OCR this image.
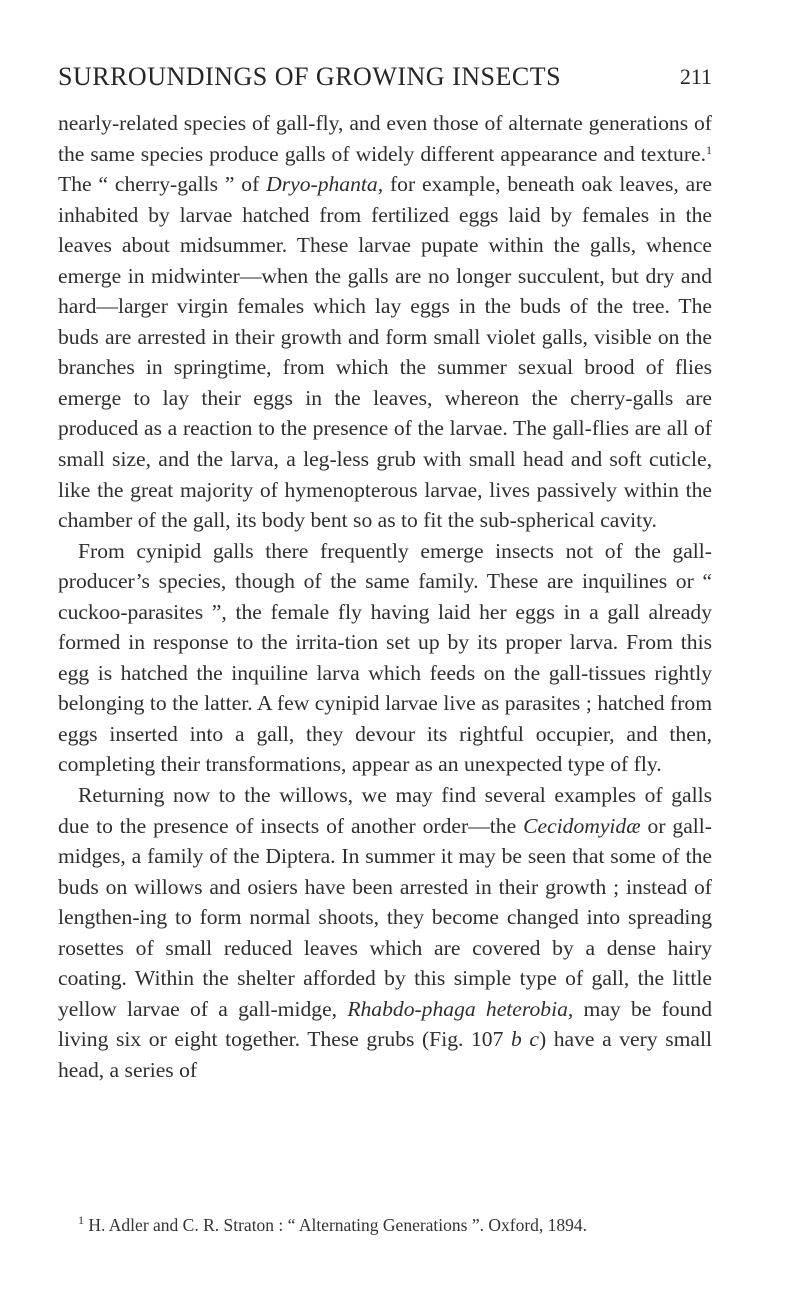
SURROUNDINGS OF GROWING INSECTS	211

nearly-related species of gall-fly, and even those of alternate generations of the same species produce galls of widely different appearance and texture.$^1$ The “ cherry-galls ” of Dryo-phanta, for example, beneath oak leaves, are inhabited by larvae hatched from fertilized eggs laid by females in the leaves about midsummer. These larvae pupate within the galls, whence emerge in midwinter—when the galls are no longer succulent, but dry and hard—larger virgin females which lay eggs in the buds of the tree. The buds are arrested in their growth and form small violet galls, visible on the branches in springtime, from which the summer sexual brood of flies emerge to lay their eggs in the leaves, whereon the cherry-galls are produced as a reaction to the presence of the larvae. The gall-flies are all of small size, and the larva, a leg-less grub with small head and soft cuticle, like the great majority of hymenopterous larvae, lives passively within the chamber of the gall, its body bent so as to fit the sub-spherical cavity.

From cynipid galls there frequently emerge insects not of the gall-producer’s species, though of the same family. These are inquilines or “ cuckoo-parasites ”, the female fly having laid her eggs in a gall already formed in response to the irrita-tion set up by its proper larva. From this egg is hatched the inquiline larva which feeds on the gall-tissues rightly belonging to the latter. A few cynipid larvae live as parasites ; hatched from eggs inserted into a gall, they devour its rightful occupier, and then, completing their transformations, appear as an unexpected type of fly.

Returning now to the willows, we may find several examples of galls due to the presence of insects of another order—the Cecidomyidæ or gall-midges, a family of the Diptera. In summer it may be seen that some of the buds on willows and osiers have been arrested in their growth ; instead of lengthen-ing to form normal shoots, they become changed into spreading rosettes of small reduced leaves which are covered by a dense hairy coating. Within the shelter afforded by this simple type of gall, the little yellow larvae of a gall-midge, Rhabdo-phaga heterobia, may be found living six or eight together. These grubs (Fig. 107 b c) have a very small head, a series of

$^1$ H. Adler and C. R. Straton : “ Alternating Generations ”. Oxford, 1894.
